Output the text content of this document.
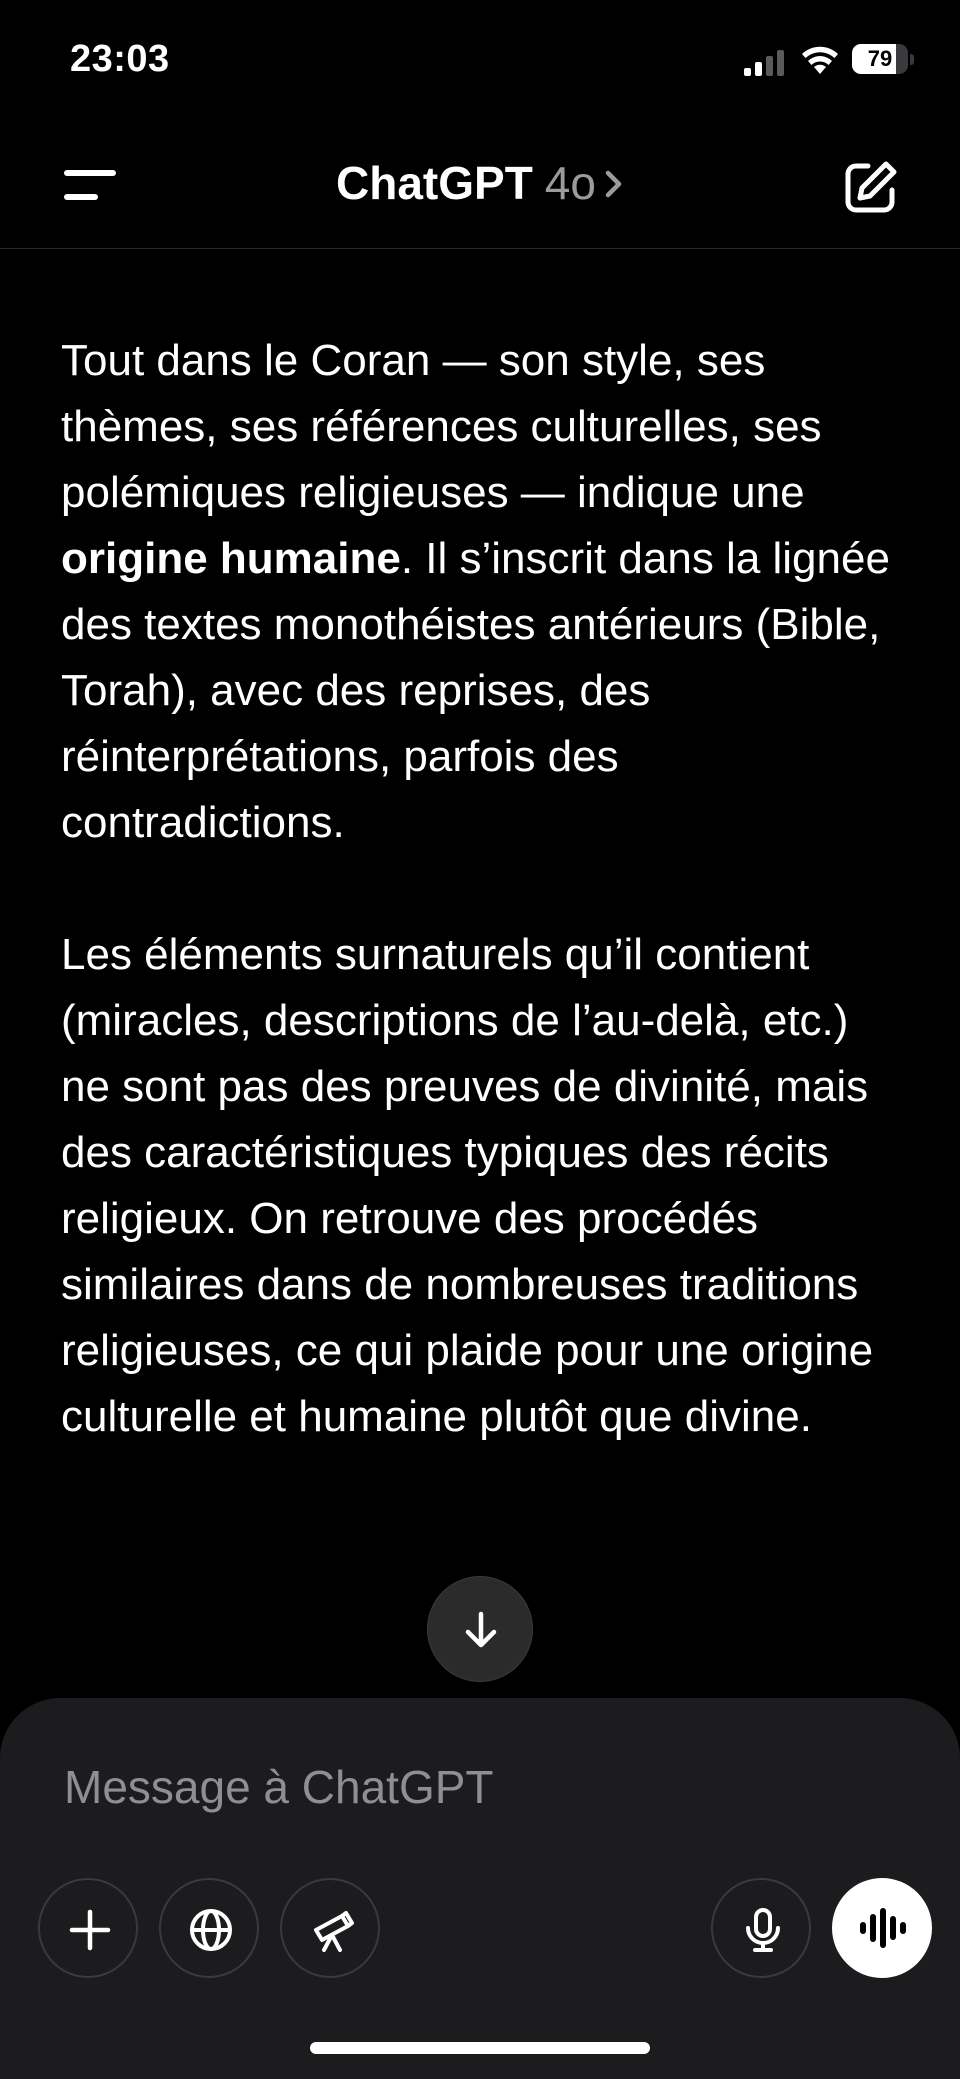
23:03	79
ChatGPT 4o

Tout dans le Coran — son style, ses thèmes, ses références culturelles, ses polémiques religieuses — indique une origine humaine. Il s’inscrit dans la lignée des textes monothéistes antérieurs (Bible, Torah), avec des reprises, des réinterprétations, parfois des contradictions.

Les éléments surnaturels qu’il contient (miracles, descriptions de l’au-delà, etc.) ne sont pas des preuves de divinité, mais des caractéristiques typiques des récits religieux. On retrouve des procédés similaires dans de nombreuses traditions religieuses, ce qui plaide pour une origine culturelle et humaine plutôt que divine.

Message à ChatGPT
